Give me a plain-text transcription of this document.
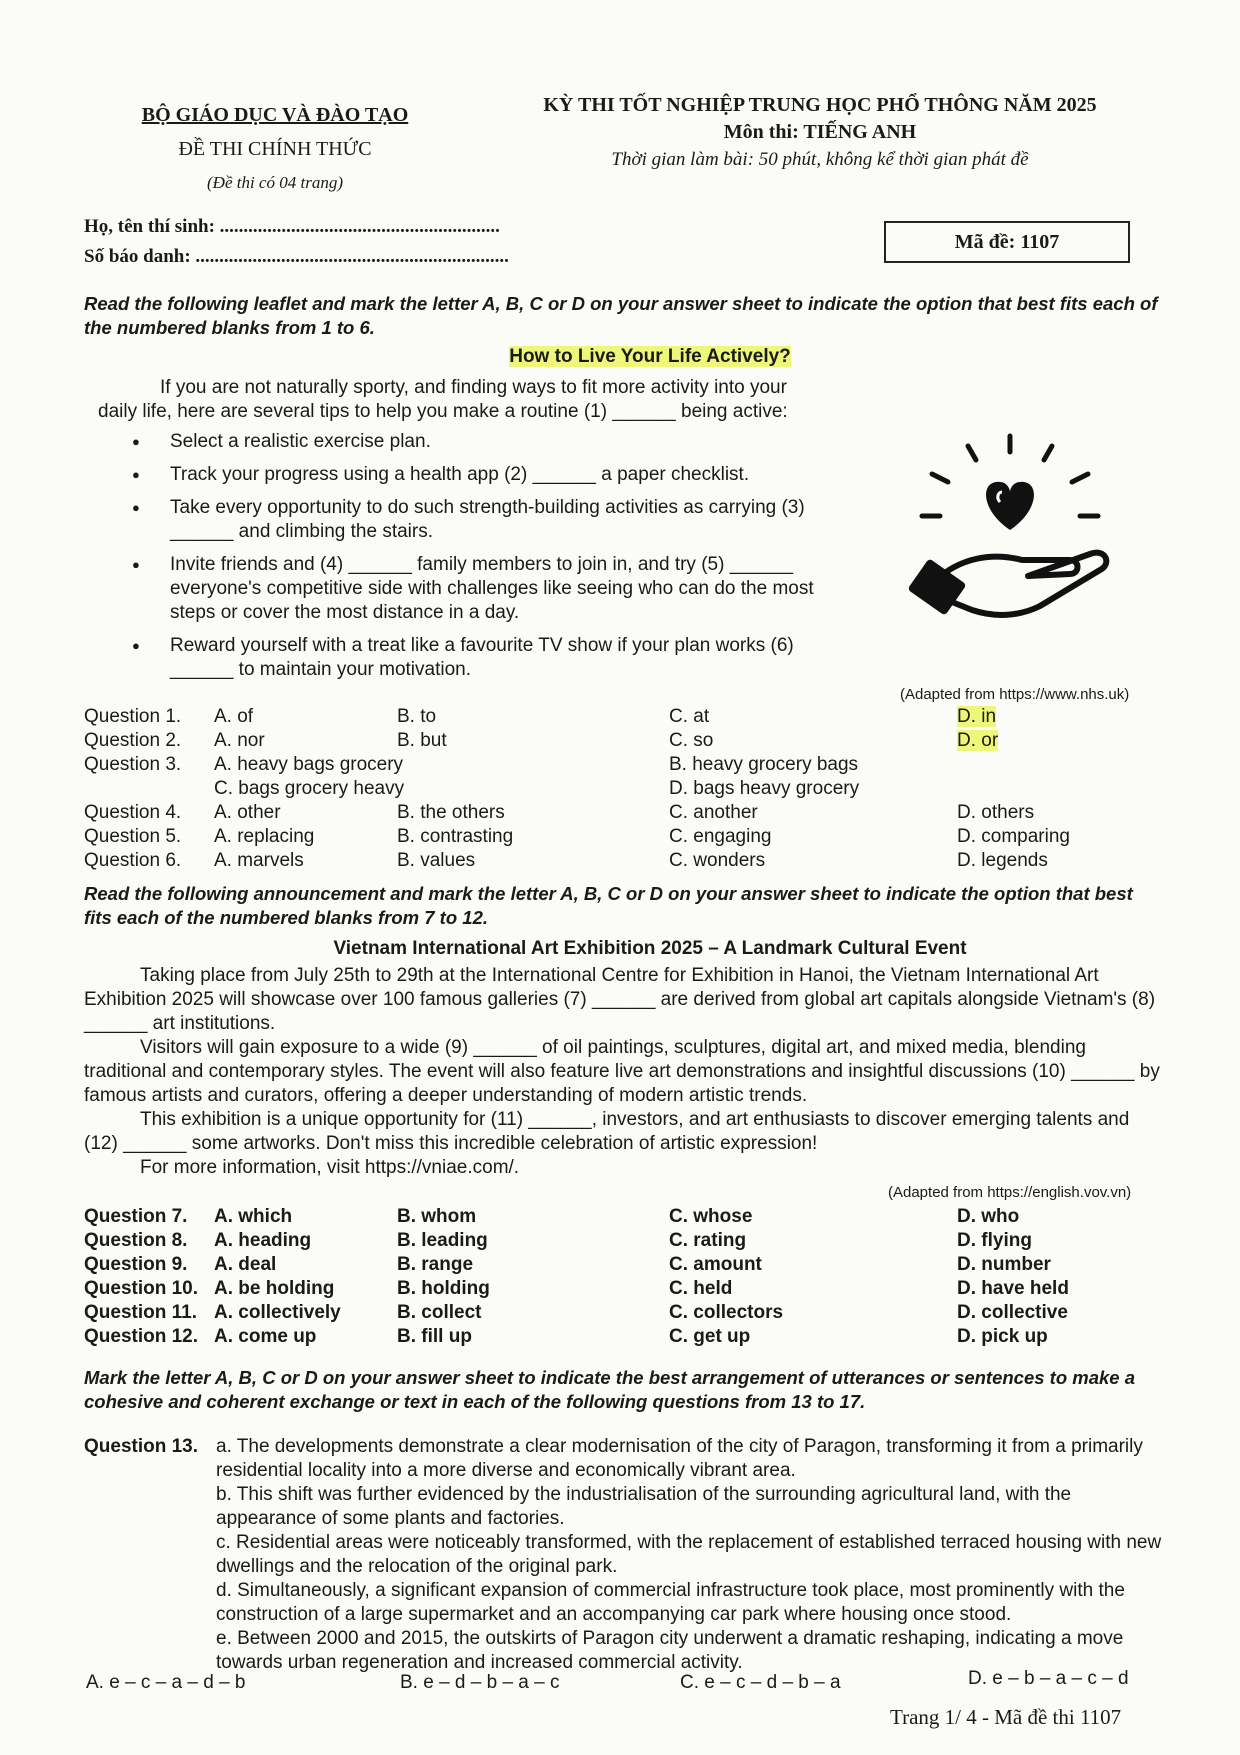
BỘ GIÁO DỤC VÀ ĐÀO TẠO
ĐỀ THI CHÍNH THỨC
(Đề thi có 04 trang)
KỲ THI TỐT NGHIỆP TRUNG HỌC PHỔ THÔNG NĂM 2025
Môn thi: TIẾNG ANH
Thời gian làm bài: 50 phút, không kể thời gian phát đề
Họ, tên thí sinh: ...........................................................
Số báo danh: ..................................................................
Mã đề: 1107
Read the following leaflet and mark the letter A, B, C or D on your answer sheet to indicate the option that best fits each of the numbered blanks from 1 to 6.
How to Live Your Life Actively?
If you are not naturally sporty, and finding ways to fit more activity into your
daily life, here are several tips to help you make a routine (1) ______ being active:
● Select a realistic exercise plan.
● Track your progress using a health app (2) ______ a paper checklist.
● Take every opportunity to do such strength-building activities as carrying (3) ______ and climbing the stairs.
● Invite friends and (4) ______ family members to join in, and try (5) ______ everyone's competitive side with challenges like seeing who can do the most steps or cover the most distance in a day.
● Reward yourself with a treat like a favourite TV show if your plan works (6) ______ to maintain your motivation.
(Adapted from https://www.nhs.uk)
Question 1.	A. of	B. to	C. at	D. in
Question 2.	A. nor	B. but	C. so	D. or
Question 3.	A. heavy bags grocery		B. heavy grocery bags	
	C. bags grocery heavy		D. bags heavy grocery	
Question 4.	A. other	B. the others	C. another	D. others
Question 5.	A. replacing	B. contrasting	C. engaging	D. comparing
Question 6.	A. marvels	B. values	C. wonders	D. legends
Read the following announcement and mark the letter A, B, C or D on your answer sheet to indicate the option that best fits each of the numbered blanks from 7 to 12.
Vietnam International Art Exhibition 2025 – A Landmark Cultural Event
Taking place from July 25th to 29th at the International Centre for Exhibition in Hanoi, the Vietnam International Art Exhibition 2025 will showcase over 100 famous galleries (7) ______ are derived from global art capitals alongside Vietnam's (8) ______ art institutions.
Visitors will gain exposure to a wide (9) ______ of oil paintings, sculptures, digital art, and mixed media, blending traditional and contemporary styles. The event will also feature live art demonstrations and insightful discussions (10) ______ by famous artists and curators, offering a deeper understanding of modern artistic trends.
This exhibition is a unique opportunity for (11) ______, investors, and art enthusiasts to discover emerging talents and (12) ______ some artworks. Don't miss this incredible celebration of artistic expression!
For more information, visit https://vniae.com/.
(Adapted from https://english.vov.vn)
Question 7.	A. which	B. whom	C. whose	D. who
Question 8.	A. heading	B. leading	C. rating	D. flying
Question 9.	A. deal	B. range	C. amount	D. number
Question 10.	A. be holding	B. holding	C. held	D. have held
Question 11.	A. collectively	B. collect	C. collectors	D. collective
Question 12.	A. come up	B. fill up	C. get up	D. pick up
Mark the letter A, B, C or D on your answer sheet to indicate the best arrangement of utterances or sentences to make a cohesive and coherent exchange or text in each of the following questions from 13 to 17.
Question 13. a. The developments demonstrate a clear modernisation of the city of Paragon, transforming it from a primarily residential locality into a more diverse and economically vibrant area.
b. This shift was further evidenced by the industrialisation of the surrounding agricultural land, with the appearance of some plants and factories.
c. Residential areas were noticeably transformed, with the replacement of established terraced housing with new dwellings and the relocation of the original park.
d. Simultaneously, a significant expansion of commercial infrastructure took place, most prominently with the construction of a large supermarket and an accompanying car park where housing once stood.
e. Between 2000 and 2015, the outskirts of Paragon city underwent a dramatic reshaping, indicating a move towards urban regeneration and increased commercial activity.
A. e – c – a – d – b	B. e – d – b – a – c	C. e – c – d – b – a	D. e – b – a – c – d
Trang 1/ 4 - Mã đề thi 1107
